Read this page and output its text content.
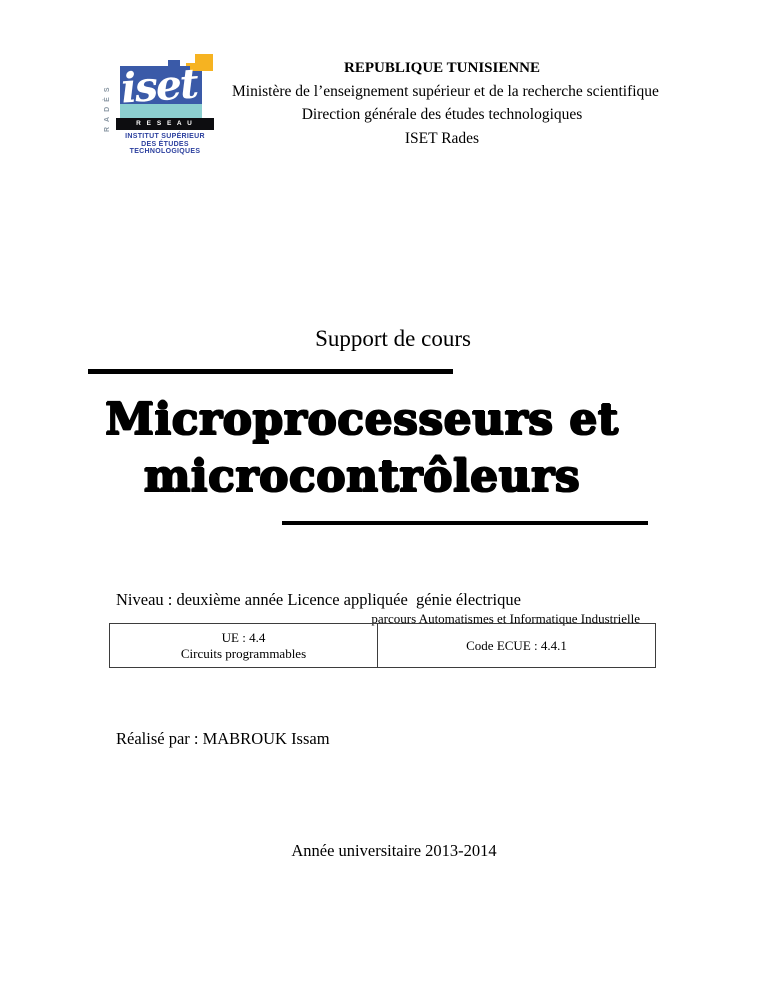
RADÈS iset
R E S E A U
INSTITUT SUPÉRIEUR
DES ÉTUDES
TECHNOLOGIQUES
REPUBLIQUE TUNISIENNE
Ministère de l’enseignement supérieur et de la recherche scientifique
Direction générale des études technologiques
ISET Rades
Support de cours
Microprocesseurs et
microcontrôleurs
Niveau : deuxième année Licence appliquée  génie électrique
parcours Automatismes et Informatique Industrielle
UE : 4.4
Circuits programmables
Code ECUE : 4.4.1
Réalisé par : MABROUK Issam
Année universitaire 2013-2014
